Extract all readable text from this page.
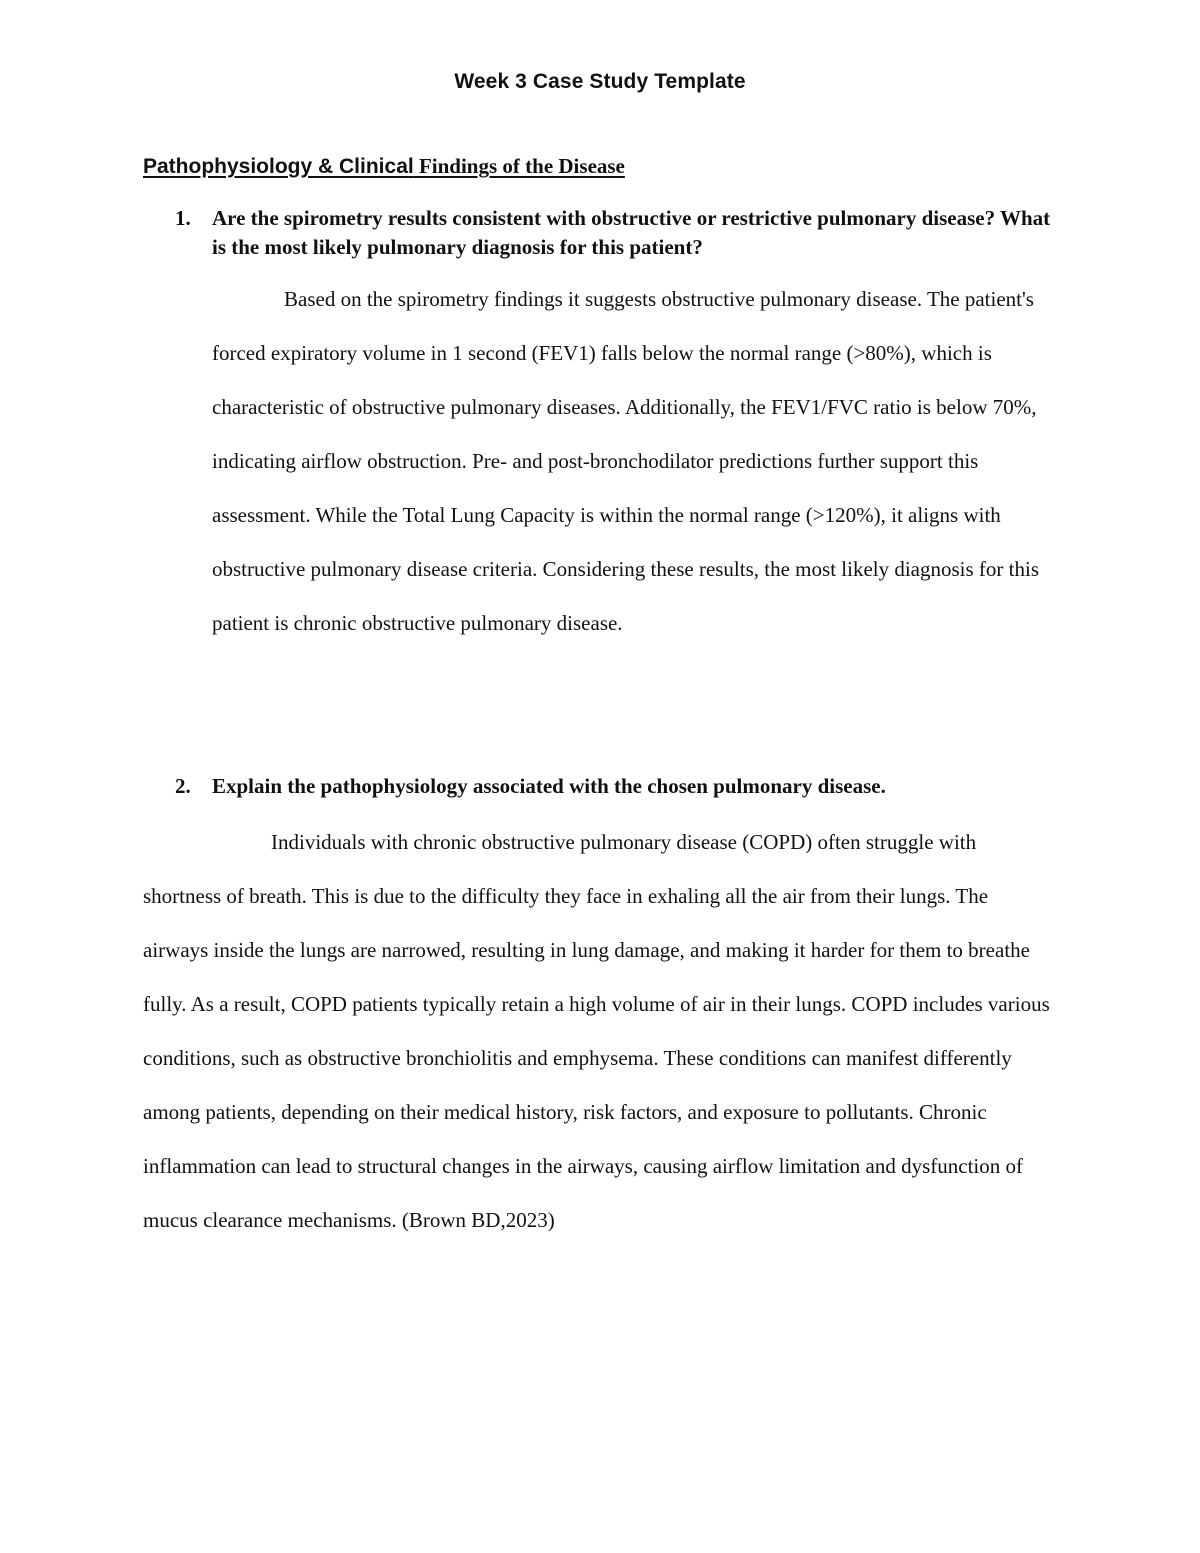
Week 3 Case Study Template
Pathophysiology & Clinical Findings of the Disease
1. Are the spirometry results consistent with obstructive or restrictive pulmonary disease? What is the most likely pulmonary diagnosis for this patient?

Based on the spirometry findings it suggests obstructive pulmonary disease. The patient's forced expiratory volume in 1 second (FEV1) falls below the normal range (>80%), which is characteristic of obstructive pulmonary diseases. Additionally, the FEV1/FVC ratio is below 70%, indicating airflow obstruction. Pre- and post-bronchodilator predictions further support this assessment. While the Total Lung Capacity is within the normal range (>120%), it aligns with obstructive pulmonary disease criteria. Considering these results, the most likely diagnosis for this patient is chronic obstructive pulmonary disease.

2. Explain the pathophysiology associated with the chosen pulmonary disease.

Individuals with chronic obstructive pulmonary disease (COPD) often struggle with shortness of breath. This is due to the difficulty they face in exhaling all the air from their lungs. The airways inside the lungs are narrowed, resulting in lung damage, and making it harder for them to breathe fully. As a result, COPD patients typically retain a high volume of air in their lungs. COPD includes various conditions, such as obstructive bronchiolitis and emphysema. These conditions can manifest differently among patients, depending on their medical history, risk factors, and exposure to pollutants. Chronic inflammation can lead to structural changes in the airways, causing airflow limitation and dysfunction of mucus clearance mechanisms. (Brown BD,2023)
